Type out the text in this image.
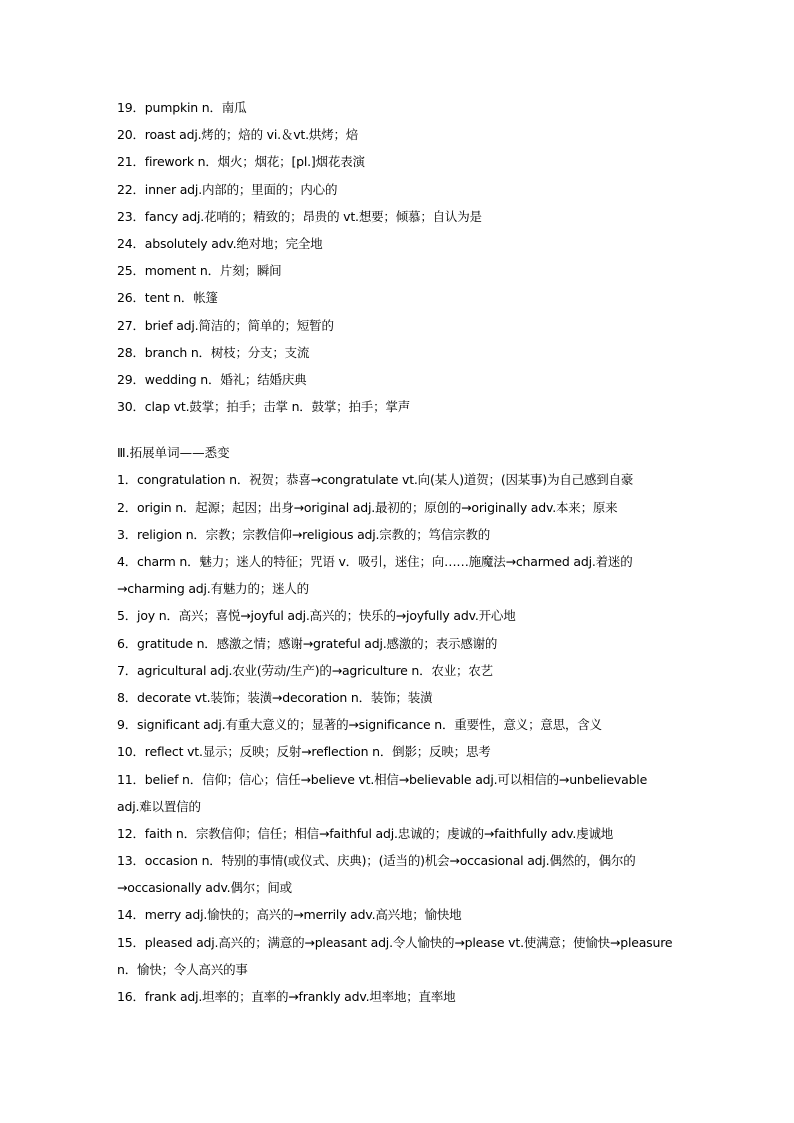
19．pumpkin n．南瓜
20．roast adj.烤的；焙的 vi.＆vt.烘烤；焙
21．firework n．烟火；烟花；[pl.]烟花表演
22．inner adj.内部的；里面的；内心的
23．fancy adj.花哨的；精致的；昂贵的 vt.想要；倾慕；自认为是
24．absolutely adv.绝对地；完全地
25．moment n．片刻；瞬间
26．tent n．帐篷
27．brief adj.简洁的；简单的；短暂的
28．branch n．树枝；分支；支流
29．wedding n．婚礼；结婚庆典
30．clap vt.鼓掌；拍手；击掌 n．鼓掌；拍手；掌声
Ⅲ.拓展单词——悉变
1．congratulation n．祝贺；恭喜→congratulate vt.向(某人)道贺；(因某事)为自己感到自豪
2．origin n．起源；起因；出身→original adj.最初的；原创的→originally adv.本来；原来
3．religion n．宗教；宗教信仰→religious adj.宗教的；笃信宗教的
4．charm n．魅力；迷人的特征；咒语 v．吸引，迷住；向……施魔法→charmed adj.着迷的
→charming adj.有魅力的；迷人的
5．joy n．高兴；喜悦→joyful adj.高兴的；快乐的→joyfully adv.开心地
6．gratitude n．感激之情；感谢→grateful adj.感激的；表示感谢的
7．agricultural adj.农业(劳动/生产)的→agriculture n．农业；农艺
8．decorate vt.装饰；装潢→decoration n．装饰；装潢
9．significant adj.有重大意义的；显著的→significance n．重要性，意义；意思，含义
10．reflect vt.显示；反映；反射→reflection n．倒影；反映；思考
11．belief n．信仰；信心；信任→believe vt.相信→believable adj.可以相信的→unbelievable
adj.难以置信的
12．faith n．宗教信仰；信任；相信→faithful adj.忠诚的；虔诚的→faithfully adv.虔诚地
13．occasion n．特别的事情(或仪式、庆典)；(适当的)机会→occasional adj.偶然的，偶尔的
→occasionally adv.偶尔；间或
14．merry adj.愉快的；高兴的→merrily adv.高兴地；愉快地
15．pleased adj.高兴的；满意的→pleasant adj.令人愉快的→please vt.使满意；使愉快→pleasure
n．愉快；令人高兴的事
16．frank adj.坦率的；直率的→frankly adv.坦率地；直率地
